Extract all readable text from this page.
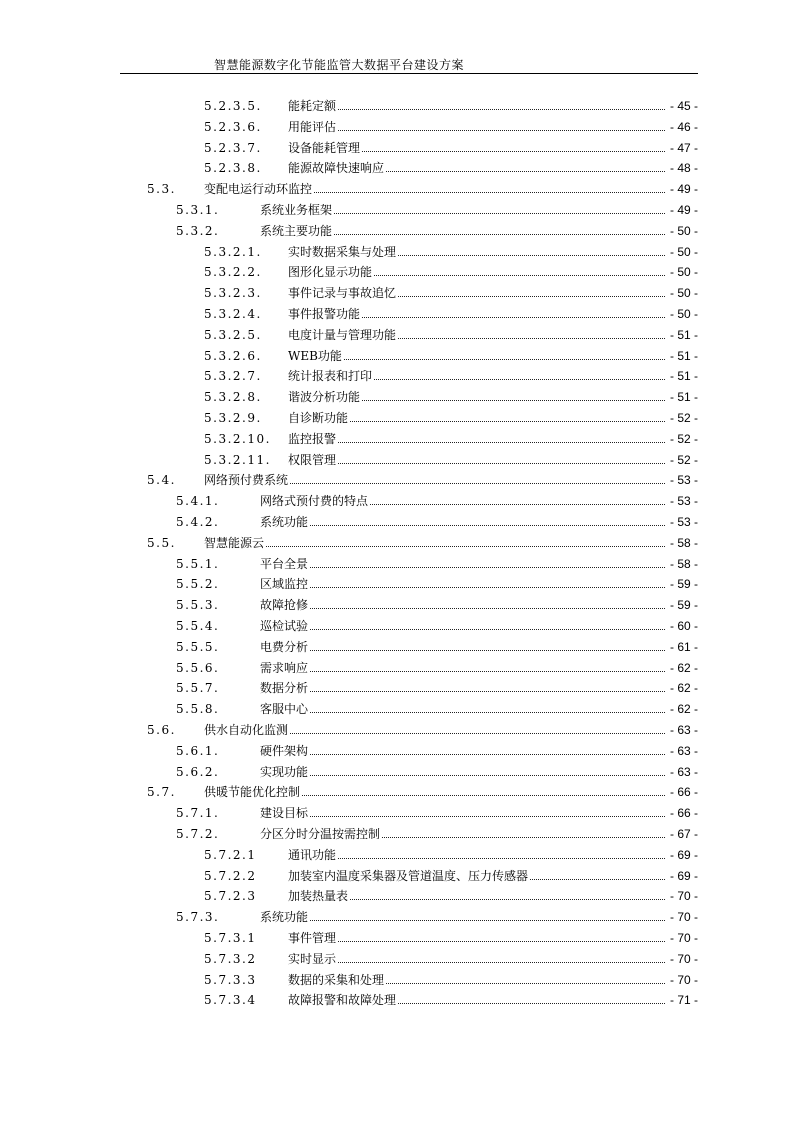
智慧能源数字化节能监管大数据平台建设方案
5.2.3.5. 能耗定额	- 45 -
5.2.3.6. 用能评估	- 46 -
5.2.3.7. 设备能耗管理	- 47 -
5.2.3.8. 能源故障快速响应	- 48 -
5.3. 变配电运行动环监控	- 49 -
5.3.1.	系统业务框架	- 49 -
5.3.2.	系统主要功能	- 50 -
5.3.2.1. 实时数据采集与处理	- 50 -
5.3.2.2. 图形化显示功能	- 50 -
5.3.2.3. 事件记录与事故追忆	- 50 -
5.3.2.4. 事件报警功能	- 50 -
5.3.2.5. 电度计量与管理功能	- 51 -
5.3.2.6. WEB功能	- 51 -
5.3.2.7. 统计报表和打印	- 51 -
5.3.2.8. 谐波分析功能	- 51 -
5.3.2.9. 自诊断功能	- 52 -
5.3.2.10. 监控报警	- 52 -
5.3.2.11. 权限管理	- 52 -
5.4. 网络预付费系统	- 53 -
5.4.1.	网络式预付费的特点	- 53 -
5.4.2.	系统功能	- 53 -
5.5. 智慧能源云	- 58 -
5.5.1.	平台全景	- 58 -
5.5.2.	区域监控	- 59 -
5.5.3.	故障抢修	- 59 -
5.5.4.	巡检试验	- 60 -
5.5.5.	电费分析	- 61 -
5.5.6.	需求响应	- 62 -
5.5.7.	数据分析	- 62 -
5.5.8.	客服中心	- 62 -
5.6. 供水自动化监测	- 63 -
5.6.1.	硬件架构	- 63 -
5.6.2.	实现功能	- 63 -
5.7. 供暖节能优化控制	- 66 -
5.7.1.	建设目标	- 66 -
5.7.2.	分区分时分温按需控制	- 67 -
5.7.2.1	通讯功能	- 69 -
5.7.2.2	加装室内温度采集器及管道温度、压力传感器	- 69 -
5.7.2.3	加装热量表	- 70 -
5.7.3.	系统功能	- 70 -
5.7.3.1	事件管理	- 70 -
5.7.3.2	实时显示	- 70 -
5.7.3.3	数据的采集和处理	- 70 -
5.7.3.4	故障报警和故障处理	- 71 -
